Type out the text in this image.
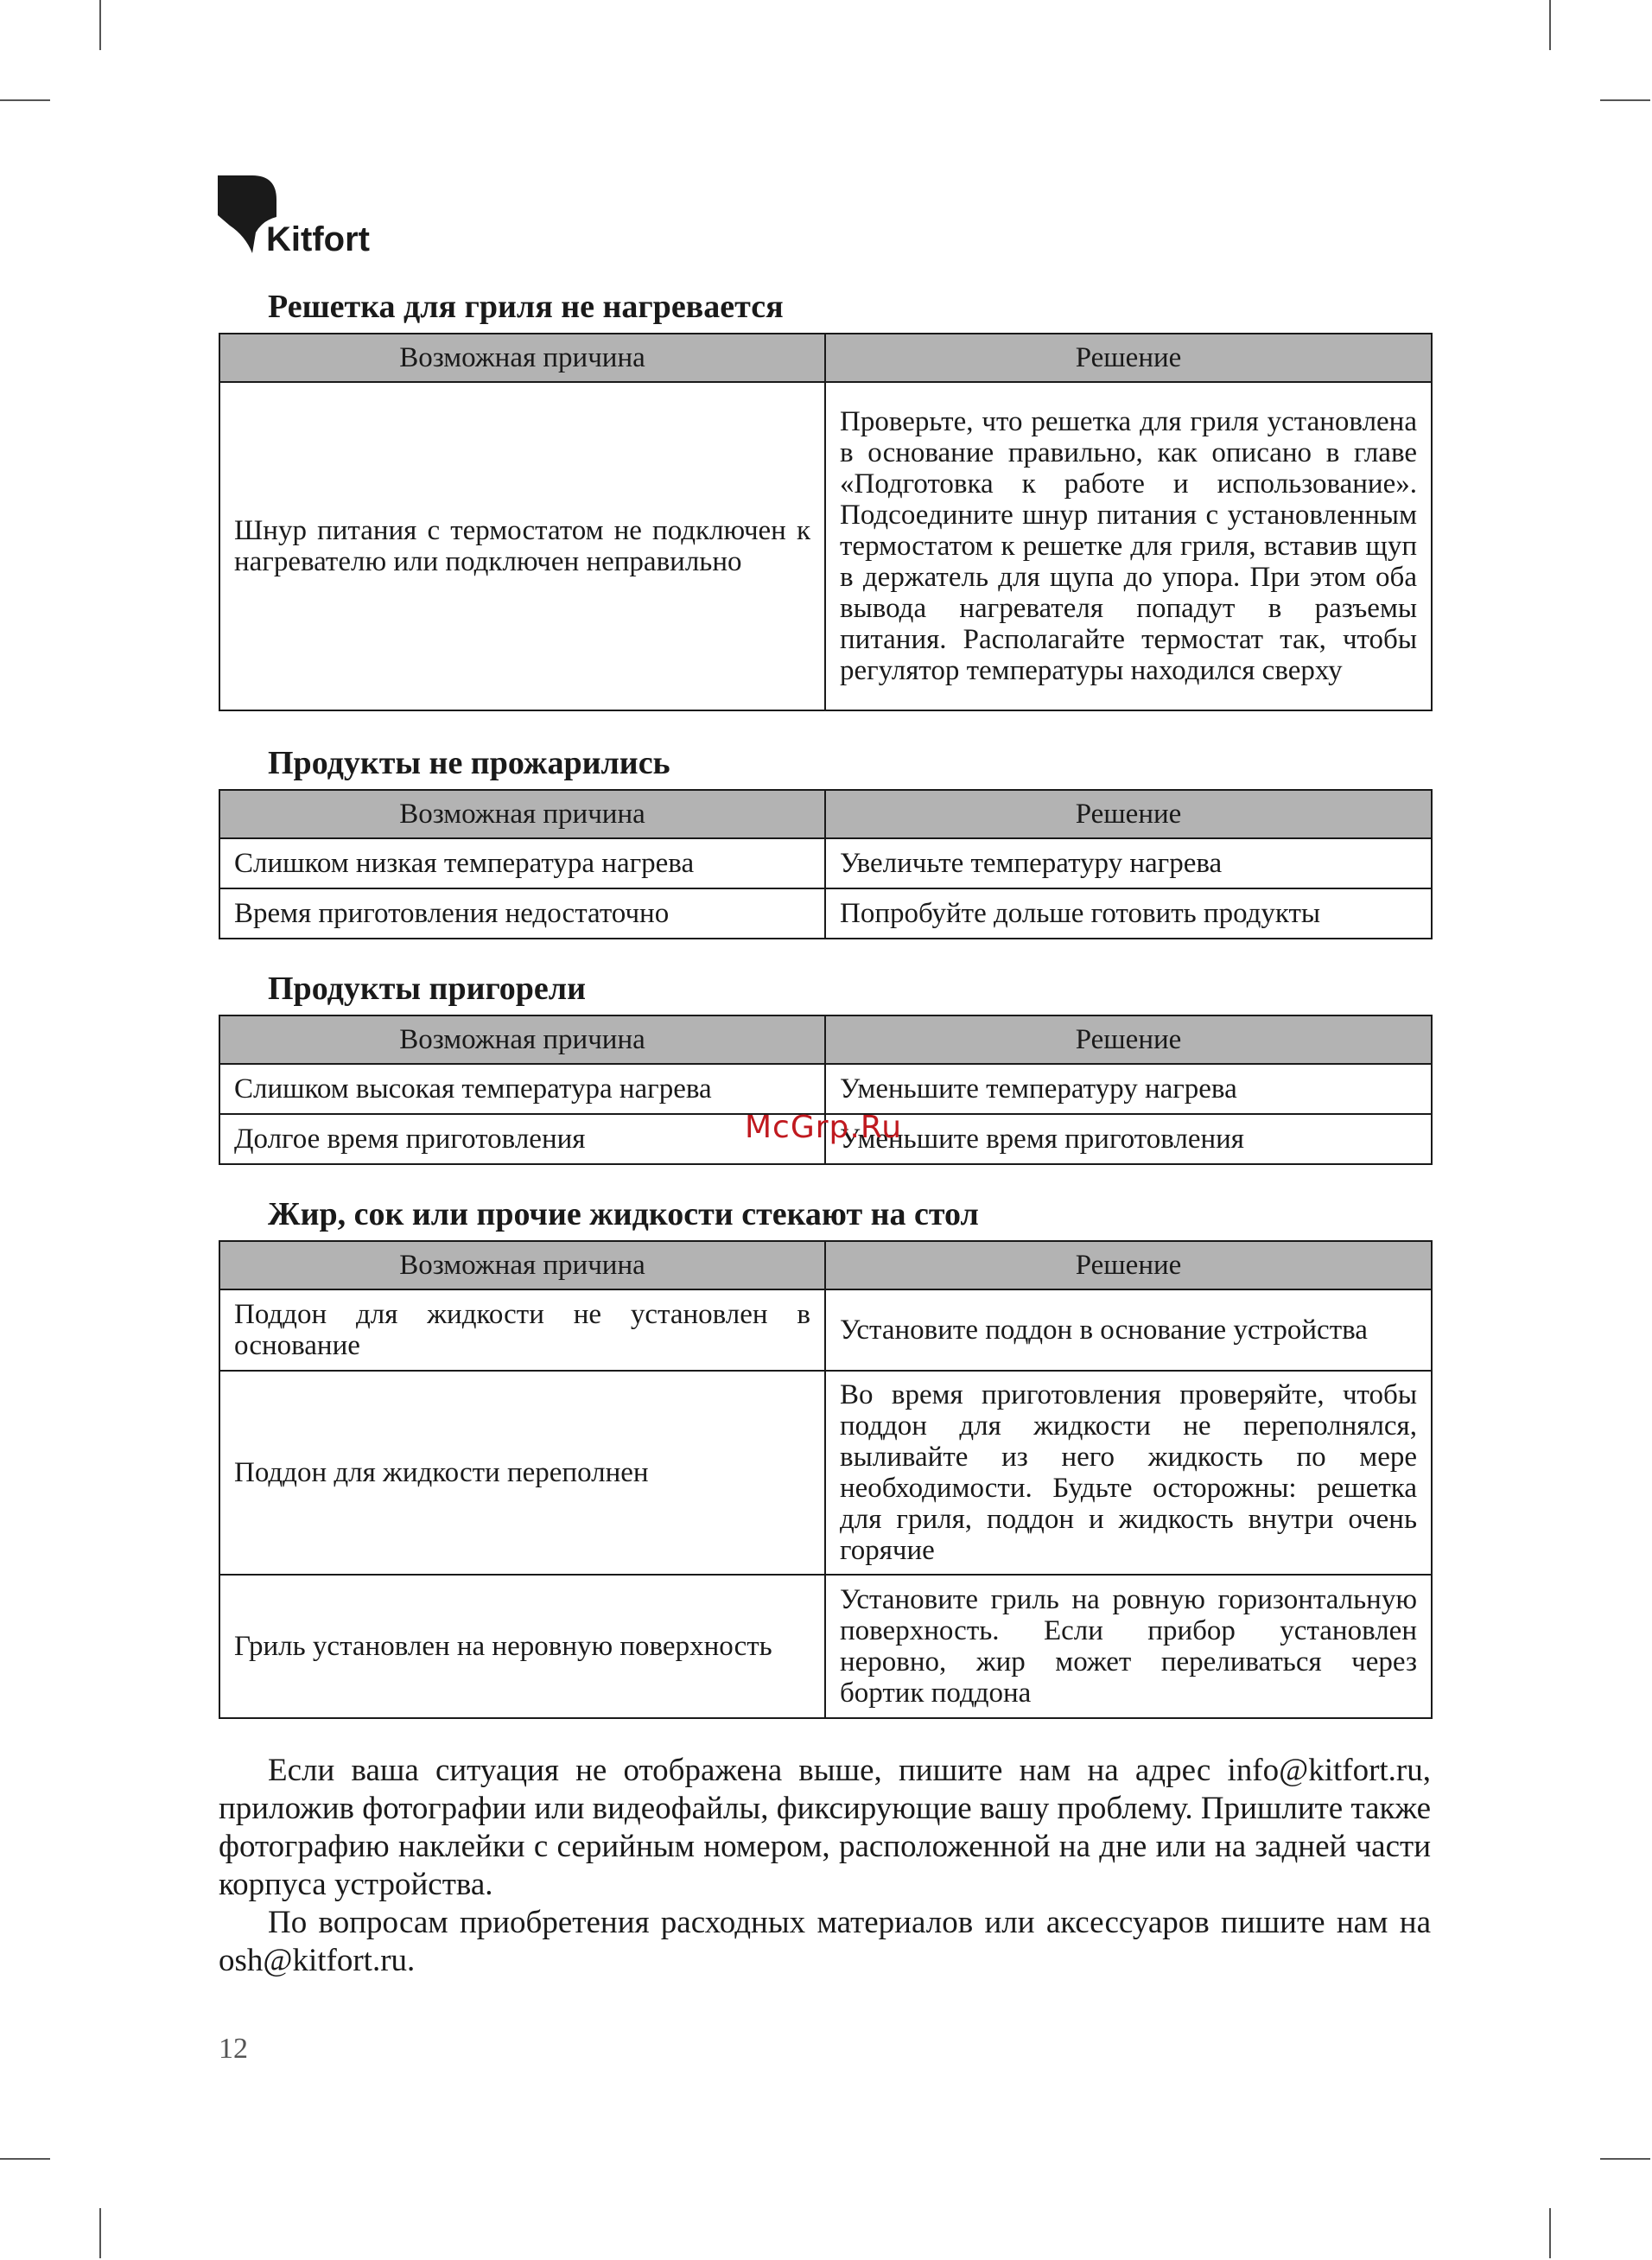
Kitfort
Решетка для гриля не нагревается
Возможная причина	Решение
Шнур питания с термостатом не подключен к нагревателю или подключен неправильно	Проверьте, что решетка для гриля установлена в основание правильно, как описано в главе «Подготовка к работе и использование». Подсоедините шнур питания с установленным термостатом к решетке для гриля, вставив щуп в держатель для щупа до упора. При этом оба вывода нагревателя попадут в разъемы питания. Располагайте термостат так, чтобы регулятор температуры находился сверху
Продукты не прожарились
Возможная причина	Решение
Слишком низкая температура нагрева	Увеличьте температуру нагрева
Время приготовления недостаточно	Попробуйте дольше готовить продукты
Продукты пригорели
Возможная причина	Решение
Слишком высокая температура нагрева	Уменьшите температуру нагрева
Долгое время приготовления	Уменьшите время приготовления
Жир, сок или прочие жидкости стекают на стол
Возможная причина	Решение
Поддон для жидкости не установлен в основание	Установите поддон в основание устройства
Поддон для жидкости переполнен	Во время приготовления проверяйте, чтобы поддон для жидкости не переполнялся, выливайте из него жидкость по мере необходимости. Будьте осторожны: решетка для гриля, поддон и жидкость внутри очень горячие
Гриль установлен на неровную поверхность	Установите гриль на ровную горизонтальную поверхность. Если прибор установлен неровно, жир может переливаться через бортик поддона

Если ваша ситуация не отображена выше, пишите нам на адрес info@kitfort.ru, приложив фотографии или видеофайлы, фиксирующие вашу проблему. Пришлите также фотографию наклейки с серийным номером, расположенной на дне или на задней части корпуса устройства.

По вопросам приобретения расходных материалов или аксессуаров пишите нам на osh@kitfort.ru.

McGrp.Ru
12
